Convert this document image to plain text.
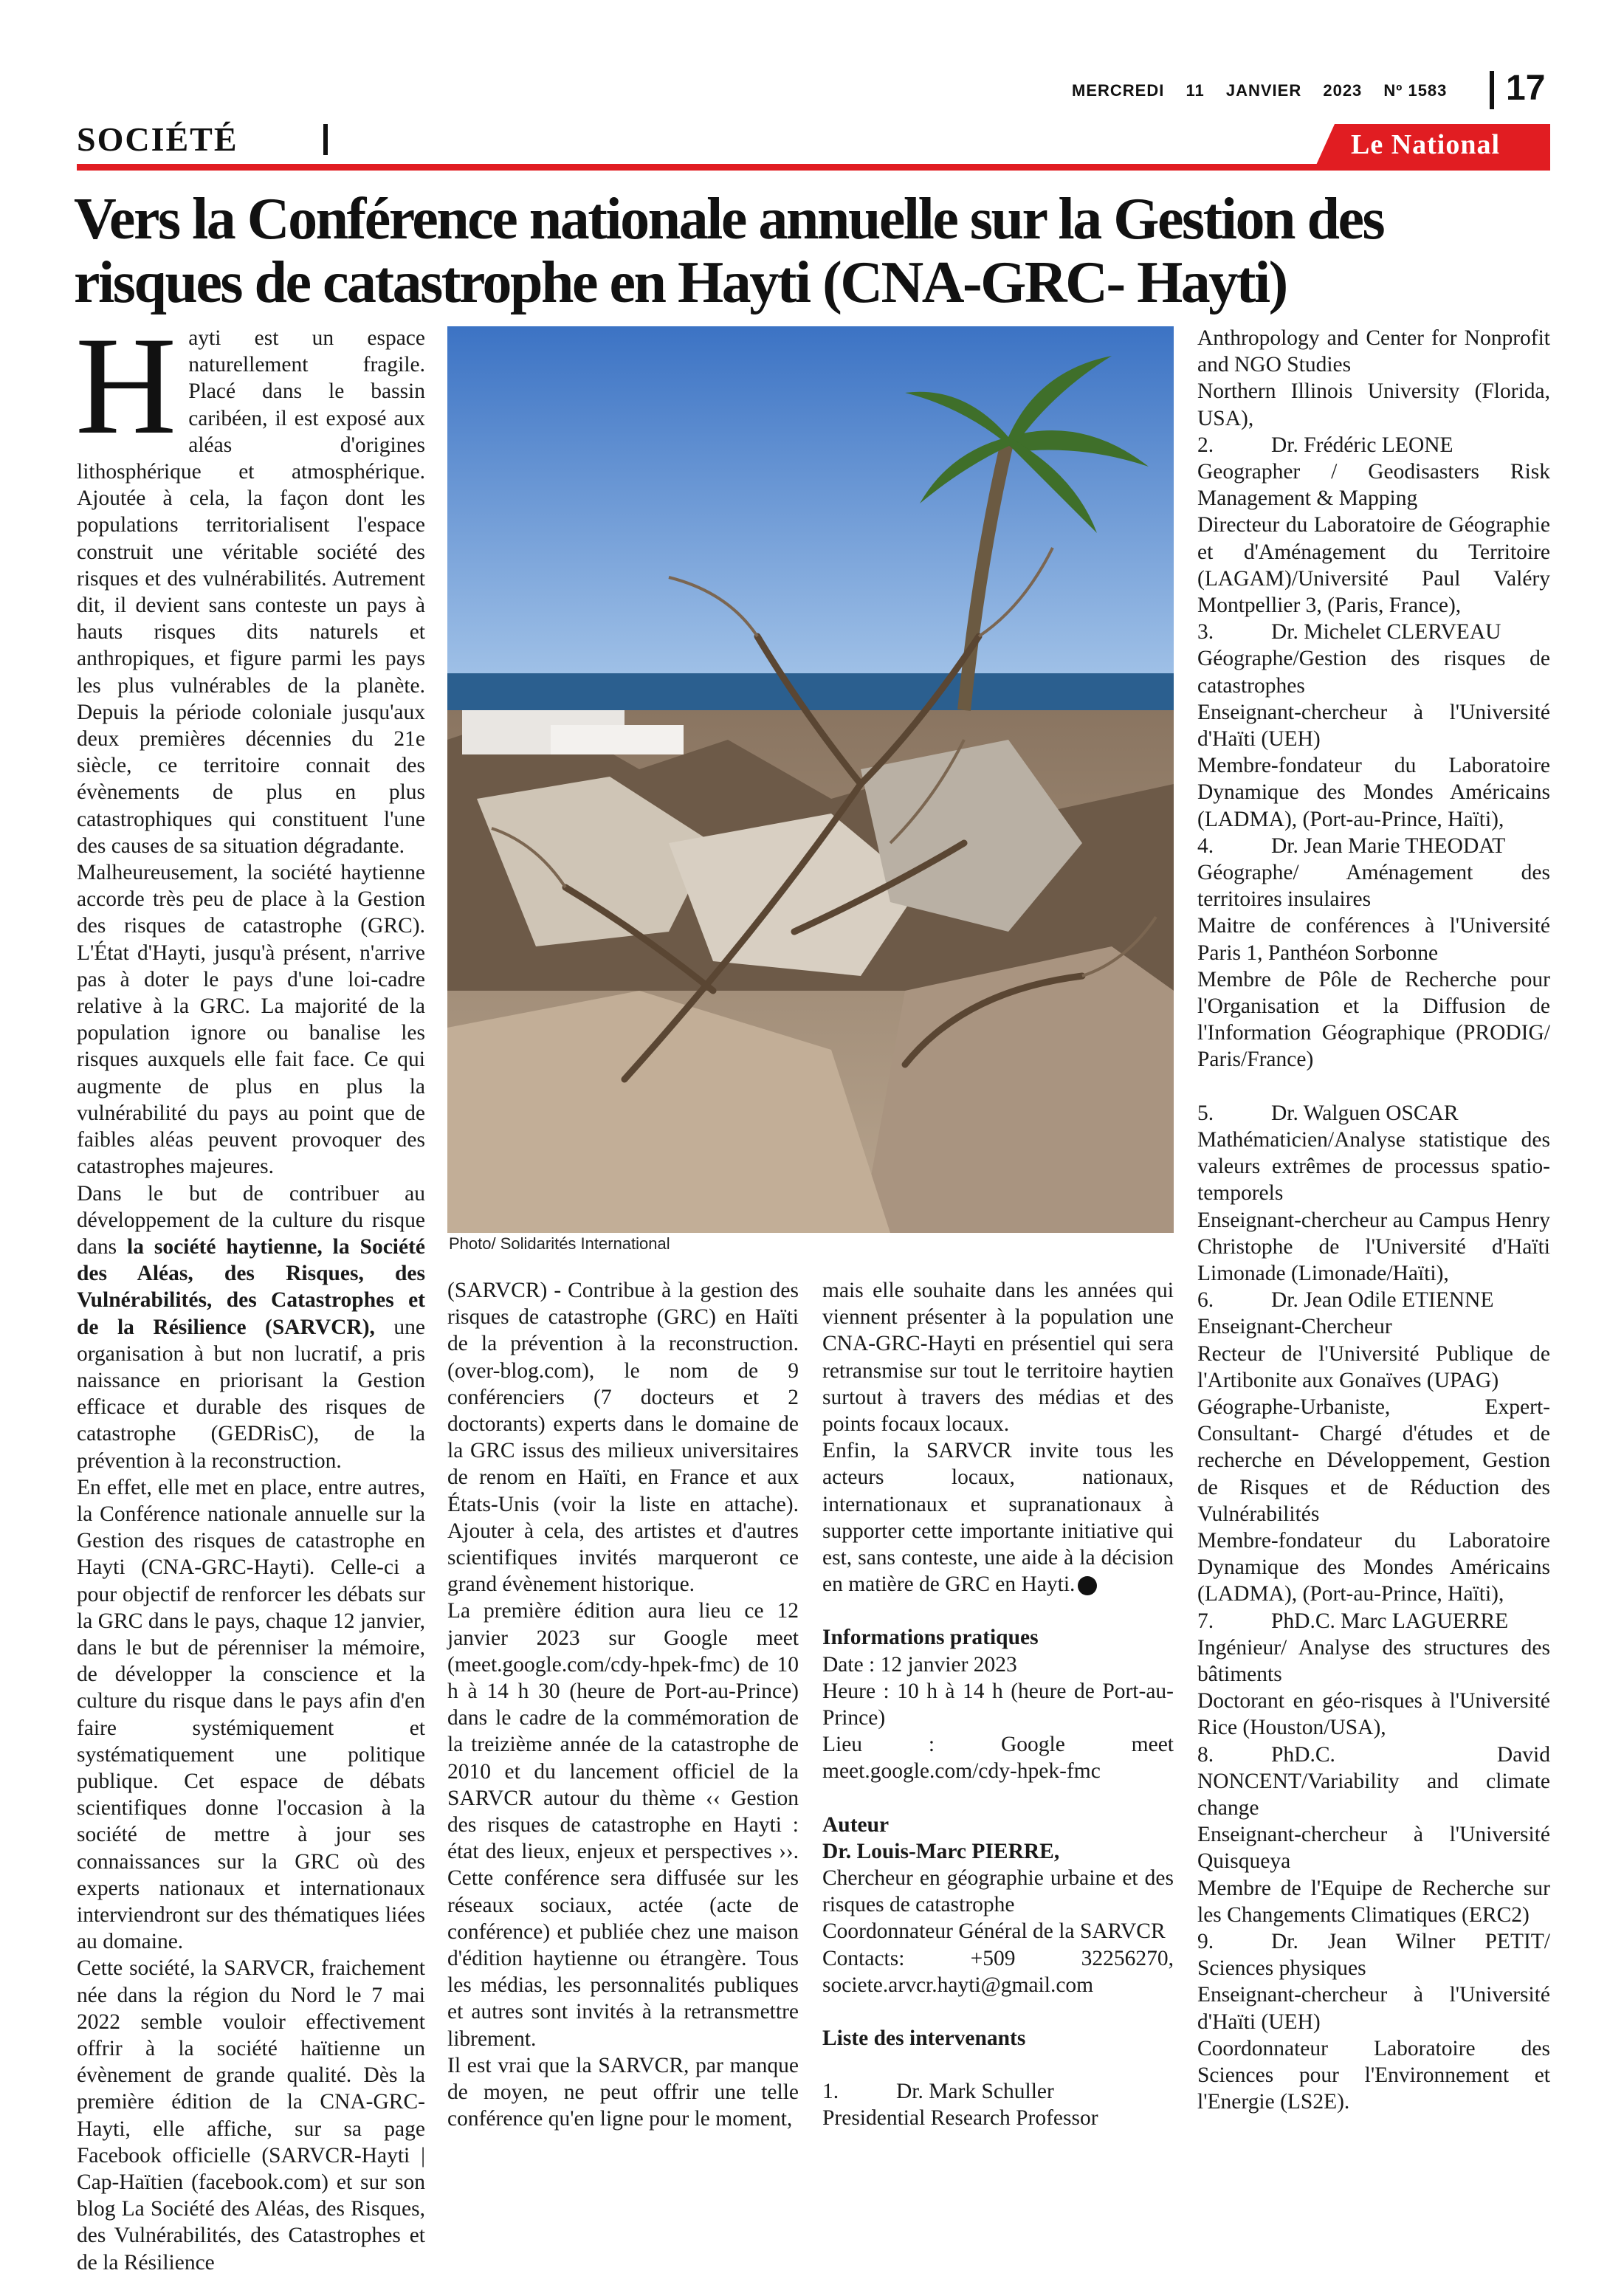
MERCREDI 11 JANVIER 2023 Nº 1583	17
SOCIÉTÉ	Le National
Vers la Conférence nationale annuelle sur la Gestion des risques de catastrophe en Hayti (CNA-GRC- Hayti)

Hayti est un espace naturellement fragile. Placé dans le bassin caribéen, il est exposé aux aléas d'origines lithosphérique et atmosphérique. Ajoutée à cela, la façon dont les populations territorialisent l'espace construit une véritable société des risques et des vulnérabilités. Autrement dit, il devient sans conteste un pays à hauts risques dits naturels et anthropiques, et figure parmi les pays les plus vulnérables de la planète. Depuis la période coloniale jusqu'aux deux premières décennies du 21e siècle, ce territoire connait des évènements de plus en plus catastrophiques qui constituent l'une des causes de sa situation dégradante.

Malheureusement, la société haytienne accorde très peu de place à la Gestion des risques de catastrophe (GRC). L'État d'Hayti, jusqu'à présent, n'arrive pas à doter le pays d'une loi-cadre relative à la GRC. La majorité de la population ignore ou banalise les risques auxquels elle fait face. Ce qui augmente de plus en plus la vulnérabilité du pays au point que de faibles aléas peuvent provoquer des catastrophes majeures.

Dans le but de contribuer au développement de la culture du risque dans la société haytienne, la Société des Aléas, des Risques, des Vulnérabilités, des Catastrophes et de la Résilience (SARVCR), une organisation à but non lucratif, a pris naissance en priorisant la Gestion efficace et durable des risques de catastrophe (GEDRisC), de la prévention à la reconstruction.

En effet, elle met en place, entre autres, la Conférence nationale annuelle sur la Gestion des risques de catastrophe en Hayti (CNA-GRC-Hayti). Celle-ci a pour objectif de renforcer les débats sur la GRC dans le pays, chaque 12 janvier, dans le but de pérenniser la mémoire, de développer la conscience et la culture du risque dans le pays afin d'en faire systémiquement et systématiquement une politique publique. Cet espace de débats scientifiques donne l'occasion à la société de mettre à jour ses connaissances sur la GRC où des experts nationaux et internationaux interviendront sur des thématiques liées au domaine.

Cette société, la SARVCR, fraichement née dans la région du Nord le 7 mai 2022 semble vouloir effectivement offrir à la société haïtienne un évènement de grande qualité. Dès la première édition de la CNA-GRC-Hayti, elle affiche, sur sa page Facebook officielle (SARVCR-Hayti | Cap-Haïtien (facebook.com) et sur son blog La Société des Aléas, des Risques, des Vulnérabilités, des Catastrophes et de la Résilience

Photo/ Solidarités International

(SARVCR) - Contribue à la gestion des risques de catastrophe (GRC) en Haïti de la prévention à la reconstruction. (over-blog.com), le nom de 9 conférenciers (7 docteurs et 2 doctorants) experts dans le domaine de la GRC issus des milieux universitaires de renom en Haïti, en France et aux États-Unis (voir la liste en attache). Ajouter à cela, des artistes et d'autres scientifiques invités marqueront ce grand évènement historique.

La première édition aura lieu ce 12 janvier 2023 sur Google meet (meet.google.com/cdy-hpek-fmc) de 10 h à 14 h 30 (heure de Port-au-Prince) dans le cadre de la commémoration de la treizième année de la catastrophe de 2010 et du lancement officiel de la SARVCR autour du thème ‹‹ Gestion des risques de catastrophe en Hayti : état des lieux, enjeux et perspectives ››. Cette conférence sera diffusée sur les réseaux sociaux, actée (acte de conférence) et publiée chez une maison d'édition haytienne ou étrangère. Tous les médias, les personnalités publiques et autres sont invités à la retransmettre librement.

Il est vrai que la SARVCR, par manque de moyen, ne peut offrir une telle conférence qu'en ligne pour le moment,

mais elle souhaite dans les années qui viennent présenter à la population une CNA-GRC-Hayti en présentiel qui sera retransmise sur tout le territoire haytien surtout à travers des médias et des points focaux locaux.

Enfin, la SARVCR invite tous les acteurs locaux, nationaux, internationaux et supranationaux à supporter cette importante initiative qui est, sans conteste, une aide à la décision en matière de GRC en Hayti.

Informations pratiques

Date : 12 janvier 2023

Heure : 10 h à 14 h (heure de Port-au-Prince)

Lieu : Google meet meet.google.com/cdy-hpek-fmc

Auteur

Dr. Louis-Marc PIERRE,

Chercheur en géographie urbaine et des risques de catastrophe

Coordonnateur Général de la SARVCR

Contacts: +509 32256270, societe.arvcr.hayti@gmail.com

Liste des intervenants

1.	Dr. Mark Schuller

Presidential Research Professor

Anthropology and Center for Nonprofit and NGO Studies

Northern Illinois University (Florida, USA),

2.	Dr. Frédéric LEONE

Geographer / Geodisasters Risk Management & Mapping

Directeur du Laboratoire de Géographie et d'Aménagement du Territoire (LAGAM)/Université Paul Valéry Montpellier 3, (Paris, France),

3.	Dr. Michelet CLERVEAU

Géographe/Gestion des risques de catastrophes

Enseignant-chercheur à l'Université d'Haïti (UEH)

Membre-fondateur du Laboratoire Dynamique des Mondes Américains (LADMA), (Port-au-Prince, Haïti),

4.	Dr. Jean Marie THEODAT

Géographe/ Aménagement des territoires insulaires

Maitre de conférences à l'Université Paris 1, Panthéon Sorbonne

Membre de Pôle de Recherche pour l'Organisation et la Diffusion de l'Information Géographique (PRODIG/ Paris/France)

5.	Dr. Walguen OSCAR

Mathématicien/Analyse statistique des valeurs extrêmes de processus spatio-temporels

Enseignant-chercheur au Campus Henry Christophe de l'Université d'Haïti Limonade (Limonade/Haïti),

6.	Dr. Jean Odile ETIENNE

Enseignant-Chercheur

Recteur de l'Université Publique de l'Artibonite aux Gonaïves (UPAG)

Géographe-Urbaniste, Expert-Consultant- Chargé d'études et de recherche en Développement, Gestion de Risques et de Réduction des Vulnérabilités

Membre-fondateur du Laboratoire Dynamique des Mondes Américains (LADMA), (Port-au-Prince, Haïti),

7.	PhD.C. Marc LAGUERRE

Ingénieur/ Analyse des structures des bâtiments

Doctorant en géo-risques à l'Université Rice (Houston/USA),

8.	PhD.C. David NONCENT/Variability and climate change

Enseignant-chercheur à l'Université Quisqueya

Membre de l'Equipe de Recherche sur les Changements Climatiques (ERC2)

9.	Dr. Jean Wilner PETIT/ Sciences physiques

Enseignant-chercheur à l'Université d'Haïti (UEH)

Coordonnateur Laboratoire des Sciences pour l'Environnement et l'Energie (LS2E).
